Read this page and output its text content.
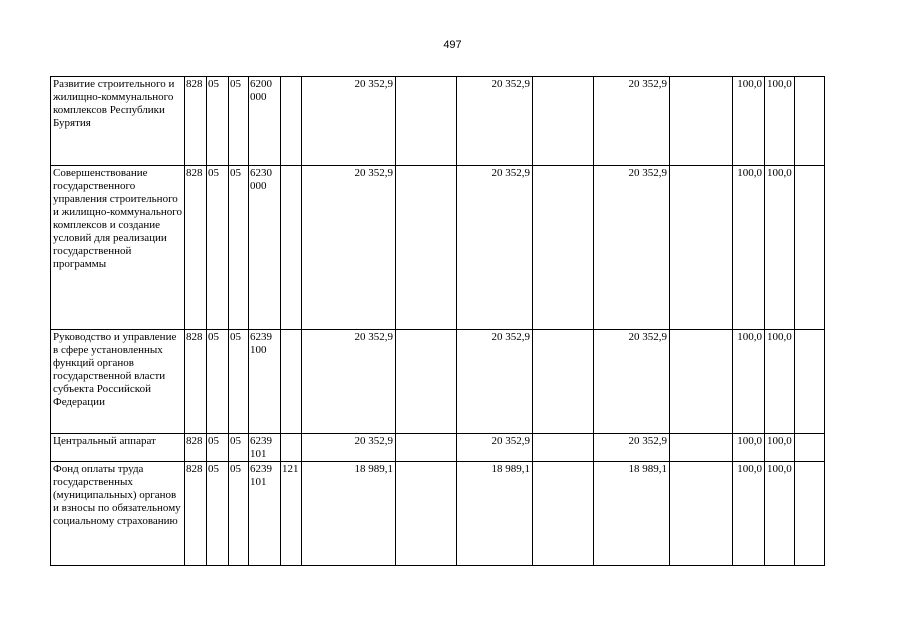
497
Развитие строительного и жилищно-коммунального комплексов Республики Бурятия	828	05	05	6200 000		20 352,9		20 352,9		20 352,9		100,0	100,0	
Совершенствование государственного управления строительного и жилищно-коммунального комплексов и создание условий для реализации государственной программы	828	05	05	6230 000		20 352,9		20 352,9		20 352,9		100,0	100,0	
Руководство и управление в сфере установленных функций органов государственной власти субъекта Российской Федерации	828	05	05	6239 100		20 352,9		20 352,9		20 352,9		100,0	100,0	
Центральный аппарат	828	05	05	6239 101		20 352,9		20 352,9		20 352,9		100,0	100,0	
Фонд оплаты труда государственных (муниципальных) органов и взносы по обязательному социальному страхованию	828	05	05	6239 101	121	18 989,1		18 989,1		18 989,1		100,0	100,0	
